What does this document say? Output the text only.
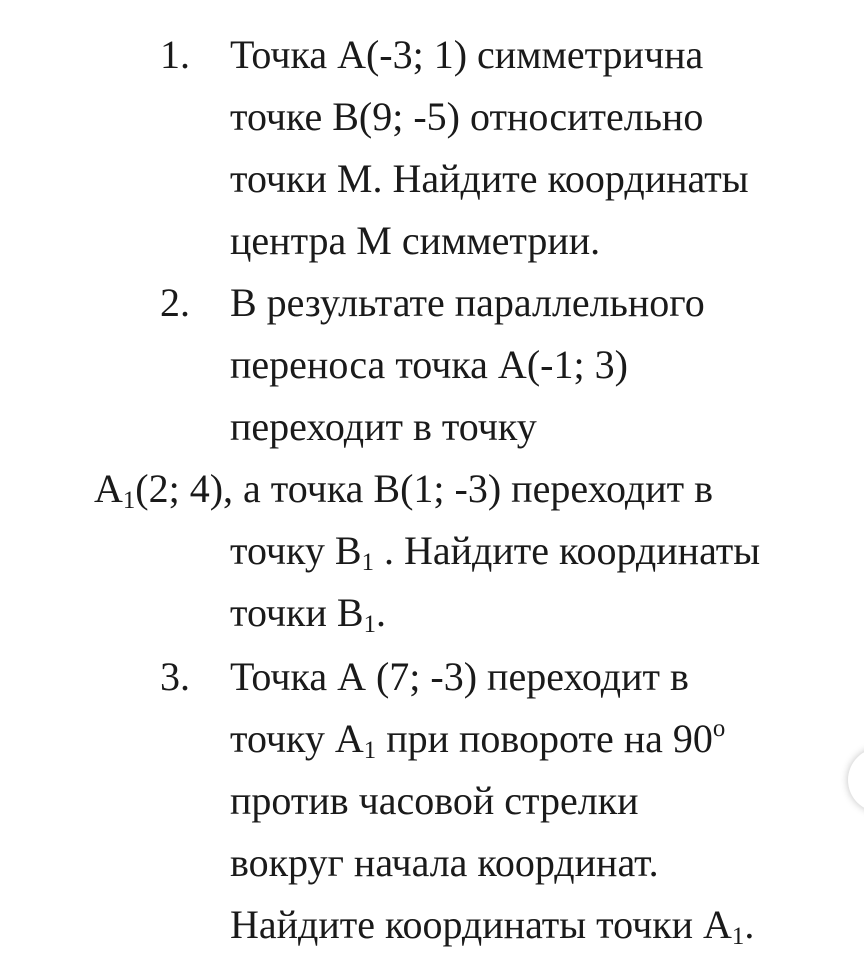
1. Точка А(-3; 1) симметрична
точке В(9; -5) относительно
точки М. Найдите координаты
центра М симметрии.
2. В результате параллельного
переноса точка А(-1; 3)
переходит в точку
$А_1(2$; 4), а точка В(1; -3) переходит в
точку $В_1$ . Найдите координаты
точки $В_1$.
3. Точка А (7; -3) переходит в
точку $А_1$ при повороте на $90^о$
против часовой стрелки
вокруг начала координат.
Найдите координаты точки $А_1$.
